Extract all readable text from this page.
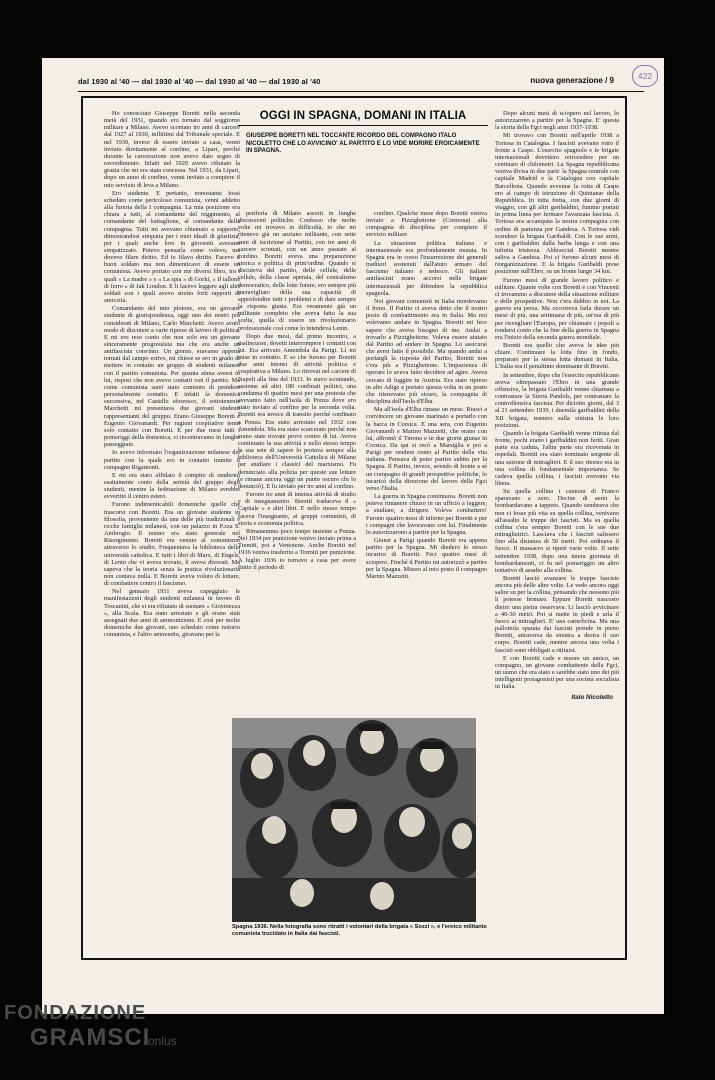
dal 1930 al '40 — dal 1930 al '40 — dal 1930 al '40 — dal 1930 al '40	nuova generazione / 9	422

Ho conosciuto Giuseppe Boretti nella seconda metà del 1931, quando ero tornato dal soggiorno militare a Milano. Avevo scontato tre anni di carcere dal 1927 al 1930, inflittimi dal Tribunale speciale. E nel 1930, invece di essere inviato a casa, venni inviato direttamente al confino, a Lipari, perché durante la carcerazione non avevo dato segno di ravvedimento. Infatti nel 1929 avevo rifiutato la grazia che mi era stata concessa. Nel 1931, da Lipari, dopo un anno di confino, venni inviato a compiere il mio servizio di leva a Milano.

Ero studente. E pertanto, nonostante fossi schedato come pericoloso comunista, venni addetto alla fureria della I compagnia. La mia posizione era chiara a tutti, al comandante del reggimento, al comandante del battaglione, al comandante della compagnia. Tutti mi avevano chiamato a rapporto, dimostrandosi simpatia per i miei ideali di giustizia, per i quali anche loro in gioventù avevano simpatizzato. Potevo pensarla come volevo, ma dovevo filare diritto. Ed io filavo diritto. Facevo il buon soldato ma non dimenticavo di essere un comunista. Avevo portato con me diversi libro, tra i quali « La madre » e « La spia » di Gorki, « Il tallone di ferro » di Jak London. E li facevo leggere agli altri soldati con i quali avevo stretto forti rapporti di amicizia.

Comandante del mio plotone, era un giovane studente di giurisprudenza, oggi uno dei nostri più considerati di Milano, Carlo Marchetti. Avevo avuto modo di discutere a varie riprese di lavoro di politica. E mi ero reso conto che non solo era un giovane sinceramente progressista ma che era anche un antifascista convinto. Un giorno, eravamo appena tornati dal campo estivo, mi chiese se ero in grado di mettere in contatto un gruppo di studenti milanesi con il partito comunista. Per quanta stima avessi in lui, risposi che non avevo contatti con il partito. Ma come comunista sarei stato contento di prendere personalmente contatto. E infatti la domenica successiva, nel Castello sforzesco, il sottotenente Marchetti mi presentava due giovani studenti rappresentanti del gruppo. Erano Giuseppe Boretti e Eugenio Giovanardi. Per ragioni cospirative tenni solo contatto con Boretti. E per due mesi tutti i pomeriggi della domenica, ci incontravamo in lunghe passeggiate.

Io avevo informato l'organizzazione milanese del partito con la quale ero in contatto tramite il compagno Rigamonti.

E mi era stato affidato il compito di rendermi esattamente conto della serietà del gruppo degli studenti, mentre la federazione di Milano avrebbe avvertito il centro estero.

Furono indimenticabili domeniche quelle che trascorsi con Boretti. Era un giovane studente in filosofia, proveniente da una delle più tradizionali e ricche famiglie milanesi, con un palazzo in P.zza S. Ambrogio. Il nonno era stato generale nel Risorgimento. Boretti era venuto al comunismo attraverso lo studio. Frequentava la biblioteca della università cattolica. E tutti i libri di Marx, di Engels, di Lenin che vi aveva trovato, li aveva divorati. Ma sapeva che la teoria senza la pratica rivoluzionaria non contava nulla. E Boretti aveva voluto di lottare, di combattere contro il fascismo.

Nel gennaio 1931 aveva capeggiato le manifestazioni degli studenti milanesi in favore di Toscanini, che si era rifiutato di suonare « Giovinezza », alla Scala. Era stato arrestato e gli erano stati assegnati due anni di ammonizione. E così per molte domeniche due giovani, uno schedato come notorio comunista, e l'altro ammonito, giravano per la

OGGI IN SPAGNA, DOMANI IN ITALIA
GIUSEPPE BORETTI NEL TOCCANTE RICORDO DEL COMPAGNO ITALO NICOLETTO CHE LO AVVICINO' AL PARTITO E LO VIDE MORIRE EROICAMENTE IN SPAGNA.

periferia di Milano assorti in lunghe discussioni politiche. Confesso che molte volte mi trovavo in difficoltà, io che mi ritenevo già un anziano militante, con sette anni di iscrizione al Partito, con tre anni di carcere scontati, con un anno passato al confino. Boretti aveva una preparazione storica e politica di prim'ordine. Quando si discuteva del partito, delle cellule, delle cellule, della classe operaia, del centralismo democratico, delle lotte future, ero sempre più meravigliato della sua capacità di approfondire tutti i problemi e di dare sempre la risposta giusta. Era veramente già un militante completo che aveva fatto la sua scelta, quella di essere un rivoluzionario professionale così come lo intendeva Lenin.

Dopo due mesi, dal primo incontro, a malincuore, dovetti interrompere i contatti con lui. Era arrivato Amendola da Parigi. Lì mi mise in contatto. E so che furono per Boretti due anni intensi di attività politica e cospirativa a Milano. Lo ritrovai nel carcere di Napoli alla fine del 1933. Io stavo scontando, assieme ad altri 180 confinati politici, una condanna di quattro mesi per una protesta che avevamo fatto nell'isola di Ponza dove ero stato inviato al confino per la seconda volta. Boretti era invece di transito perché confinato a Ponza. Era stato arrestato nel 1932 con Amendola. Ma era stato scarcerato perché non erano state trovate prove contro di lui. Aveva continuato la sua attività e nello stesso tempo la sua sete di sapere lo portava sempre alla biblioteca dell'Università Cattolica di Milano per studiare i classici del marxismo. Fu denunciato alla polizia per queste sue letture (e rimane ancora oggi un punto oscuro chi lo denunciò). E fu inviato per tre anni al confino.

Furono tre anni di intensa attività di studio e di insegnamento. Boretti traduceva il « Capitale » e altri libri. E nello stesso tempo faceva l'insegnante, ai gruppi comunisti, di storia e economia politica.

Rimanemmo poco tempo insieme a Ponza. Nel 1934 per punizione venivo inviato prima a Tremiti, poi a Ventotene. Anche Boretti nel 1936 veniva trasferito a Tremiti per punizione. A luglio 1936 io tornavo a casa per avere finito il periodo di

confino. Qualche mese dopo Boretti veniva inviato a Pizzighettone (Cremona) alla compagnia di disciplina per compiere il servizio militare.

La situazione politica italiana e internazionale era profondamente mutata. In Spagna era in corso l'insurrezione dei generali traditori sostenuti dall'aiuto armato del fascismo italiano e tedesco. Gli italiani antifascisti erano accorsi nelle brigate internazionali per difendere la repubblica spagnola.

Noi giovani comunisti in Italia mordevamo il freno. Il Partito ci aveva detto che il nostro posto di combattimento era in Italia. Ma noi volevamo andare in Spagna. Boretti mi fece sapere che aveva bisogno di me. Andai a trovarlo a Pizzighettone. Voleva essere aiutato dal Partito ad andare in Spagna. Lo assicurai che avrei fatto il possibile. Ma quando andai a portargli la risposta del Partito, Boretti non c'era più a Pizzighettone. L'impazienza di operare lo aveva fatto decidere ad agire. Aveva cercato di fuggire in Austria. Era stato ripreso in alto Adige e portato questa volta in un posto che ritenevano più sicuro, la compagnia di disciplina dell'Isola d'Elba.

Ma all'isola d'Elba rimase un mese. Riuscì a convincere un giovane marinaio a portarlo con la barca in Corsica. E una sera, con Eugenio Giovanardi e Marino Mazzetti, che erano con lui, affrontò il Tirreno e in due giorni giunse in Corsica. Da qui si recò a Marsiglia e poi a Parigi per rendere conto al Partito della vita italiana. Pensava di poter partire subito per la Spagna. Il Partito, invece, avendo di fronte a sé un compagno di grandi prospettive politiche, lo incaricò della direzione del lavoro della Fgci verso l'Italia.

La guerra in Spagna continuava. Boretti non poteva rimanere chiuso in un ufficio a leggere, a studiare, a dirigere. Voleva combattere! Furono quattro mesi di inferno per Boretti e per i compagni che lavoravano con lui. Finalmente lo autorizzarono a partire per la Spagna.

Giunsi a Parigi quando Boretti era appena partito per la Spagna. Mi diedero lo stesso incarico di Boretti. Feci quattro mesi di sciopero. Finché il Partito mi autorizzò a partire per la Spagna. Misero al mio posto il compagno Marino Mazzetti.

Spagna 1936. Nella fotografia sono ritratti i volontari della brigata « Sozzi », e l'eroico militante comunista trucidato in Italia dai fascisti.

Dopo alcuni mesi di sciopero nel lavoro, lo autorizzarono a partire per la Spagna. E' questa la storia della Fgci negli anni 1937-1938.

Mi trovavo con Boretti nell'aprile 1938 a Tortosa in Catalogna. I fascisti avevano rotto il fronte a Caspe. L'esercito spagnolo e le brigate internazionali dovettero retrocedere per un centinaio di chilometri. La Spagna repubblicana veniva divisa in due parti: la Spagna centrale con capitale Madrid e la Catalogna con capitale Barcellona. Quando avvenne la rotta di Caspe ero al campo di istruzione di Quintanar della Repubblica. In tutta fretta, con due giorni di viaggio, con gli altri garibaldini, fummo portati in prima linea per fermare l'avanzata fascista. A Tortosa era accampata la nostra compagnia con ordine di partenza per Gandesa. A Tortosa vidi scendere la brigata Garibaldi. Con le sue armi, con i garibaldini dalla barba lunga e con una infinita tristezza. Abbracciai Boretti mentre saliva a Gandesa. Poi ci furono alcuni mesi di riorganizzazione. E la brigata Garibaldi prese posizione sull'Ebro, su un fronte lungo 34 km.

Furono mesi di grande lavoro politico e militare. Quante volte con Boretti e con Vincenti ci trovammo a discutere della situazione militare e delle prospettive. Non c'era dubbio in noi. La guerra era persa. Ma occorreva farla durare un mese di più, una settimana di più, un'ora di più per risvegliare l'Europa, per chiamare i popoli a rendersi conto che la fine della guerra in Spagna era l'inizio della seconda guerra mondiale.

Boretti era quello che aveva le idee più chiare. Continuare la lotta fino in fondo, preparare per la stessa lotta domani in Italia. L'Italia era il penultimo dominante di Boretti.

In settembre, dopo che l'esercito repubblicano aveva oltrepassato l'Ebro in una grande offensiva, la brigata Garibaldi venne chiamata a contrastare la Sierra Pandols, per contrastare la controffensiva fascista. Per diciotto giorni, dal 3 al 21 settembre 1939, i duemila garibaldini della XII brigata, tennero sulla sinistra le loro posizioni.

Quando la brigata Garibaldi venne ritirata dal fronte, pochi erano i garibaldini non feriti. Gran parte era caduta, l'altra parte era ricoverata in ospedali. Boretti era stato nominato sergente di una sezione di mitraglieri. E il suo ritorno era in una collina di fondamentale importanza. Se cadeva quella collina, i fascisti avevano via libera.

Su quella collina i cannoni di Franco sparavano a zero. Decine di aerei la bombardavano a tappeto. Quando sembrava che non ci fosse più vita su quella collina, venivano all'assalto le truppe dei fascisti. Ma su quella collina c'era sempre Boretti con le sue due mitragliatrici. Lasciava che i fascisti salissero fino alla distanza di 50 metri. Poi ordinava il fuoco. Il massacro si ripeté varie volte. Il sette settembre 1938, dopo una intera giornata di bombardamenti, ci fu nel pomeriggio un altro tentativo di assalto alla collina.

Boretti lasciò avanzare le truppe fasciste ancora più delle altre volte. Le vedo ancora oggi salire su per la collina, pensando che nessuno più li potesse fermare. Eppure Boretti nascosto dietro una pietra osservava. Li lasciò avvicinare a 40-30 metri. Poi si mette in piedi e urla il fuoco ai mitraglieri. E' una carneficina. Ma una pallottola sparata dai fascisti prende in pieno Boretti, attraversa da sinistra a destra il suo corpo. Boretti cade, mentre ancora una volta i fascisti sono obbligati a ritirarsi.

E con Boretti cade e muore un amico, un compagno, un giovane combattente della Fgci, un uomo che era stato e sarebbe stato uno dei più intelligenti protagonisti per una società socialista in Italia.

Italo Nicoletto
FONDAZIONE
GRAMSCI
onlus
